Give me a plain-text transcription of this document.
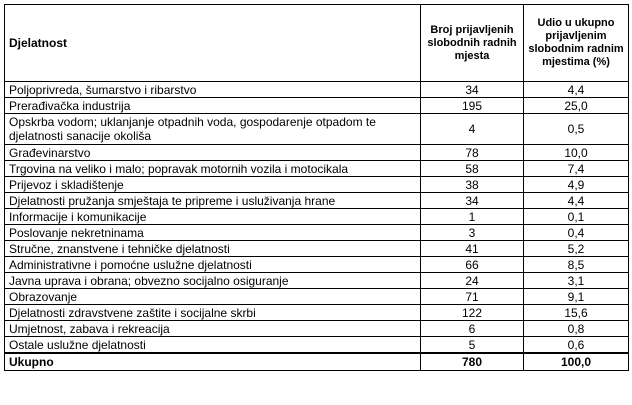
Djelatnost	Broj prijavljenih slobodnih radnih mjesta	Udio u ukupno prijavljenim slobodnim radnim mjestima (%)
Poljoprivreda, šumarstvo i ribarstvo	34	4,4
Prerađivačka industrija	195	25,0
Opskrba vodom; uklanjanje otpadnih voda, gospodarenje otpadom te djelatnosti sanacije okoliša	4	0,5
Građevinarstvo	78	10,0
Trgovina na veliko i malo; popravak motornih vozila i motocikala	58	7,4
Prijevoz i skladištenje	38	4,9
Djelatnosti pružanja smještaja te pripreme i usluživanja hrane	34	4,4
Informacije i komunikacije	1	0,1
Poslovanje nekretninama	3	0,4
Stručne, znanstvene i tehničke djelatnosti	41	5,2
Administrativne i pomoćne uslužne djelatnosti	66	8,5
Javna uprava i obrana; obvezno socijalno osiguranje	24	3,1
Obrazovanje	71	9,1
Djelatnosti zdravstvene zaštite i socijalne skrbi	122	15,6
Umjetnost, zabava i rekreacija	6	0,8
Ostale uslužne djelatnosti	5	0,6
Ukupno	780	100,0
